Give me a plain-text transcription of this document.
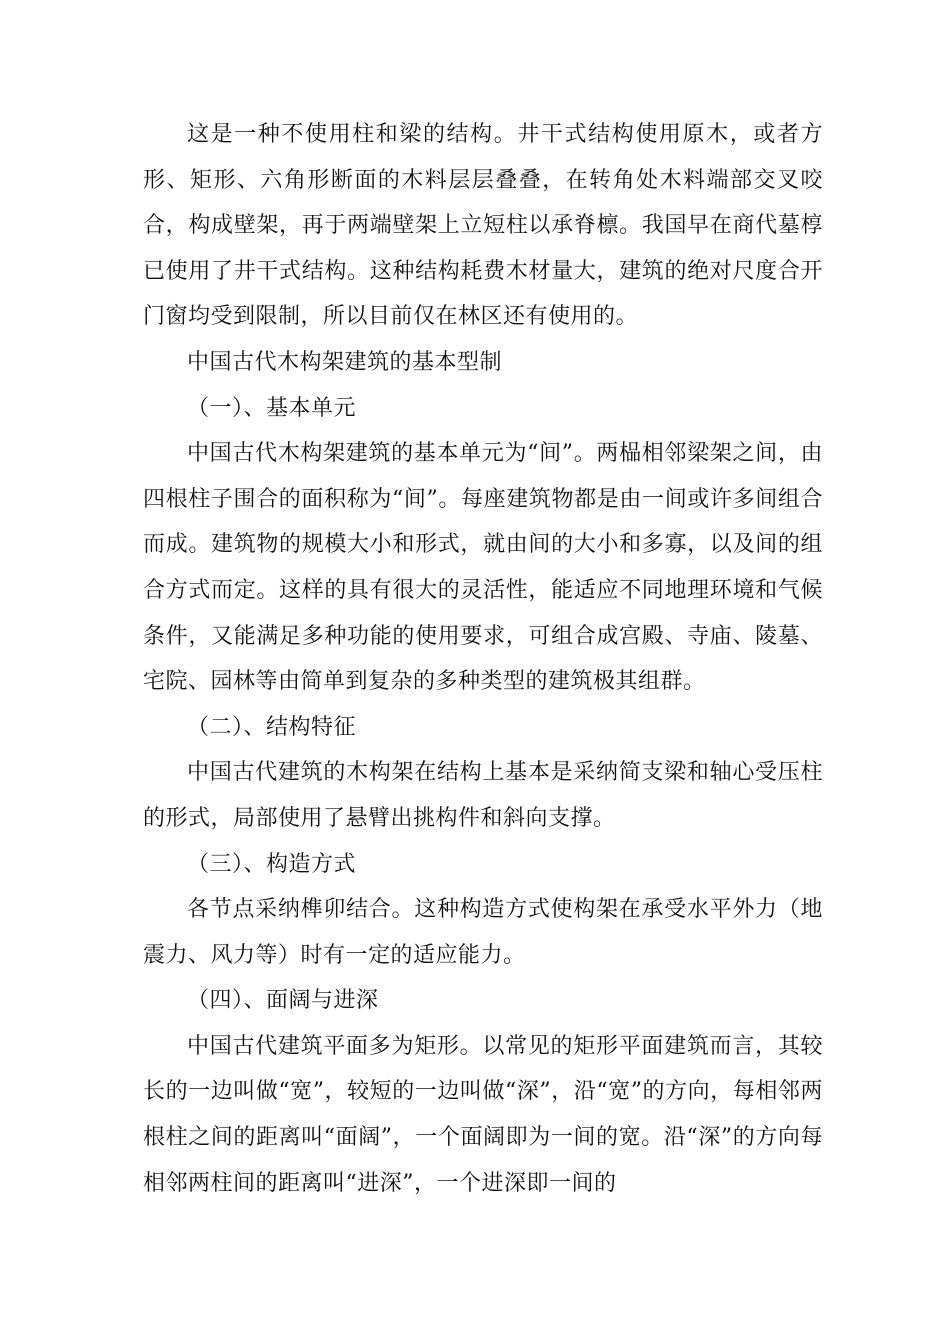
这是一种不使用柱和梁的结构。井干式结构使用原木，或者方形、矩形、六角形断面的木料层层叠叠，在转角处木料端部交叉咬合，构成壁架，再于两端壁架上立短柱以承脊檩。我国早在商代墓椁已使用了井干式结构。这种结构耗费木材量大，建筑的绝对尺度合开门窗均受到限制，所以目前仅在林区还有使用的。

中国古代木构架建筑的基本型制

（一）、基本单元

中国古代木构架建筑的基本单元为“间”。两榀相邻梁架之间，由四根柱子围合的面积称为“间”。每座建筑物都是由一间或许多间组合而成。建筑物的规模大小和形式，就由间的大小和多寡，以及间的组合方式而定。这样的具有很大的灵活性，能适应不同地理环境和气候条件，又能满足多种功能的使用要求，可组合成宫殿、寺庙、陵墓、宅院、园林等由简单到复杂的多种类型的建筑极其组群。

（二）、结构特征

中国古代建筑的木构架在结构上基本是采纳简支梁和轴心受压柱的形式，局部使用了悬臂出挑构件和斜向支撑。

（三）、构造方式

各节点采纳榫卯结合。这种构造方式使构架在承受水平外力（地震力、风力等）时有一定的适应能力。

（四）、面阔与进深

中国古代建筑平面多为矩形。以常见的矩形平面建筑而言，其较长的一边叫做“宽”，较短的一边叫做“深”，沿“宽”的方向，每相邻两根柱之间的距离叫“面阔”，一个面阔即为一间的宽。沿“深”的方向每相邻两柱间的距离叫“进深”，一个进深即一间的
